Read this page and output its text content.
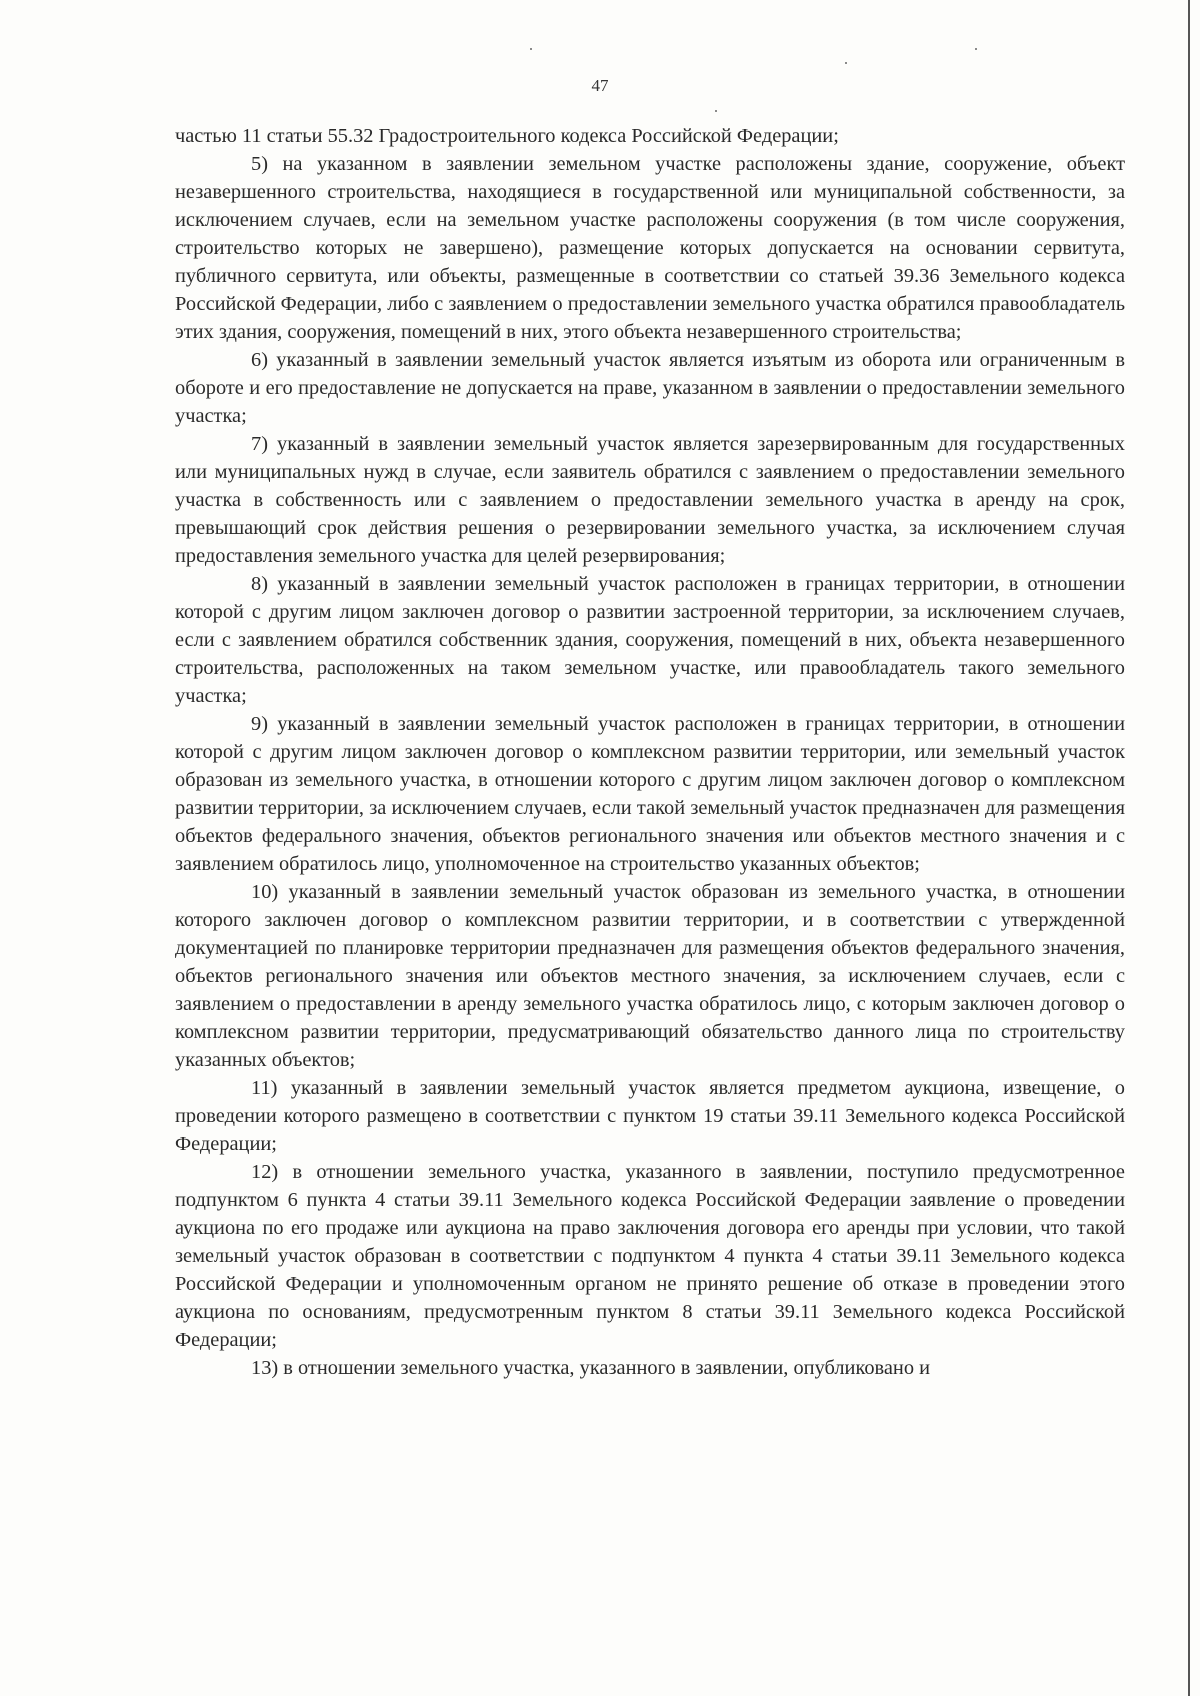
47

частью 11 статьи 55.32 Градостроительного кодекса Российской Федерации;

5) на указанном в заявлении земельном участке расположены здание, сооружение, объект незавершенного строительства, находящиеся в государственной или муниципальной собственности, за исключением случаев, если на земельном участке расположены сооружения (в том числе сооружения, строительство которых не завершено), размещение которых допускается на основании сервитута, публичного сервитута, или объекты, размещенные в соответствии со статьей 39.36 Земельного кодекса Российской Федерации, либо с заявлением о предоставлении земельного участка обратился правообладатель этих здания, сооружения, помещений в них, этого объекта незавершенного строительства;

6) указанный в заявлении земельный участок является изъятым из оборота или ограниченным в обороте и его предоставление не допускается на праве, указанном в заявлении о предоставлении земельного участка;

7) указанный в заявлении земельный участок является зарезервированным для государственных или муниципальных нужд в случае, если заявитель обратился с заявлением о предоставлении земельного участка в собственность или с заявлением о предоставлении земельного участка в аренду на срок, превышающий срок действия решения о резервировании земельного участка, за исключением случая предоставления земельного участка для целей резервирования;

8) указанный в заявлении земельный участок расположен в границах территории, в отношении которой с другим лицом заключен договор о развитии застроенной территории, за исключением случаев, если с заявлением обратился собственник здания, сооружения, помещений в них, объекта незавершенного строительства, расположенных на таком земельном участке, или правообладатель такого земельного участка;

9) указанный в заявлении земельный участок расположен в границах территории, в отношении которой с другим лицом заключен договор о комплексном развитии территории, или земельный участок образован из земельного участка, в отношении которого с другим лицом заключен договор о комплексном развитии территории, за исключением случаев, если такой земельный участок предназначен для размещения объектов федерального значения, объектов регионального значения или объектов местного значения и с заявлением обратилось лицо, уполномоченное на строительство указанных объектов;

10) указанный в заявлении земельный участок образован из земельного участка, в отношении которого заключен договор о комплексном развитии территории, и в соответствии с утвержденной документацией по планировке территории предназначен для размещения объектов федерального значения, объектов регионального значения или объектов местного значения, за исключением случаев, если с заявлением о предоставлении в аренду земельного участка обратилось лицо, с которым заключен договор о комплексном развитии территории, предусматривающий обязательство данного лица по строительству указанных объектов;

11) указанный в заявлении земельный участок является предметом аукциона, извещение, о проведении которого размещено в соответствии с пунктом 19 статьи 39.11 Земельного кодекса Российской Федерации;

12) в отношении земельного участка, указанного в заявлении, поступило предусмотренное подпунктом 6 пункта 4 статьи 39.11 Земельного кодекса Российской Федерации заявление о проведении аукциона по его продаже или аукциона на право заключения договора его аренды при условии, что такой земельный участок образован в соответствии с подпунктом 4 пункта 4 статьи 39.11 Земельного кодекса Российской Федерации и уполномоченным органом не принято решение об отказе в проведении этого аукциона по основаниям, предусмотренным пунктом 8 статьи 39.11 Земельного кодекса Российской Федерации;

13) в отношении земельного участка, указанного в заявлении, опубликовано и
